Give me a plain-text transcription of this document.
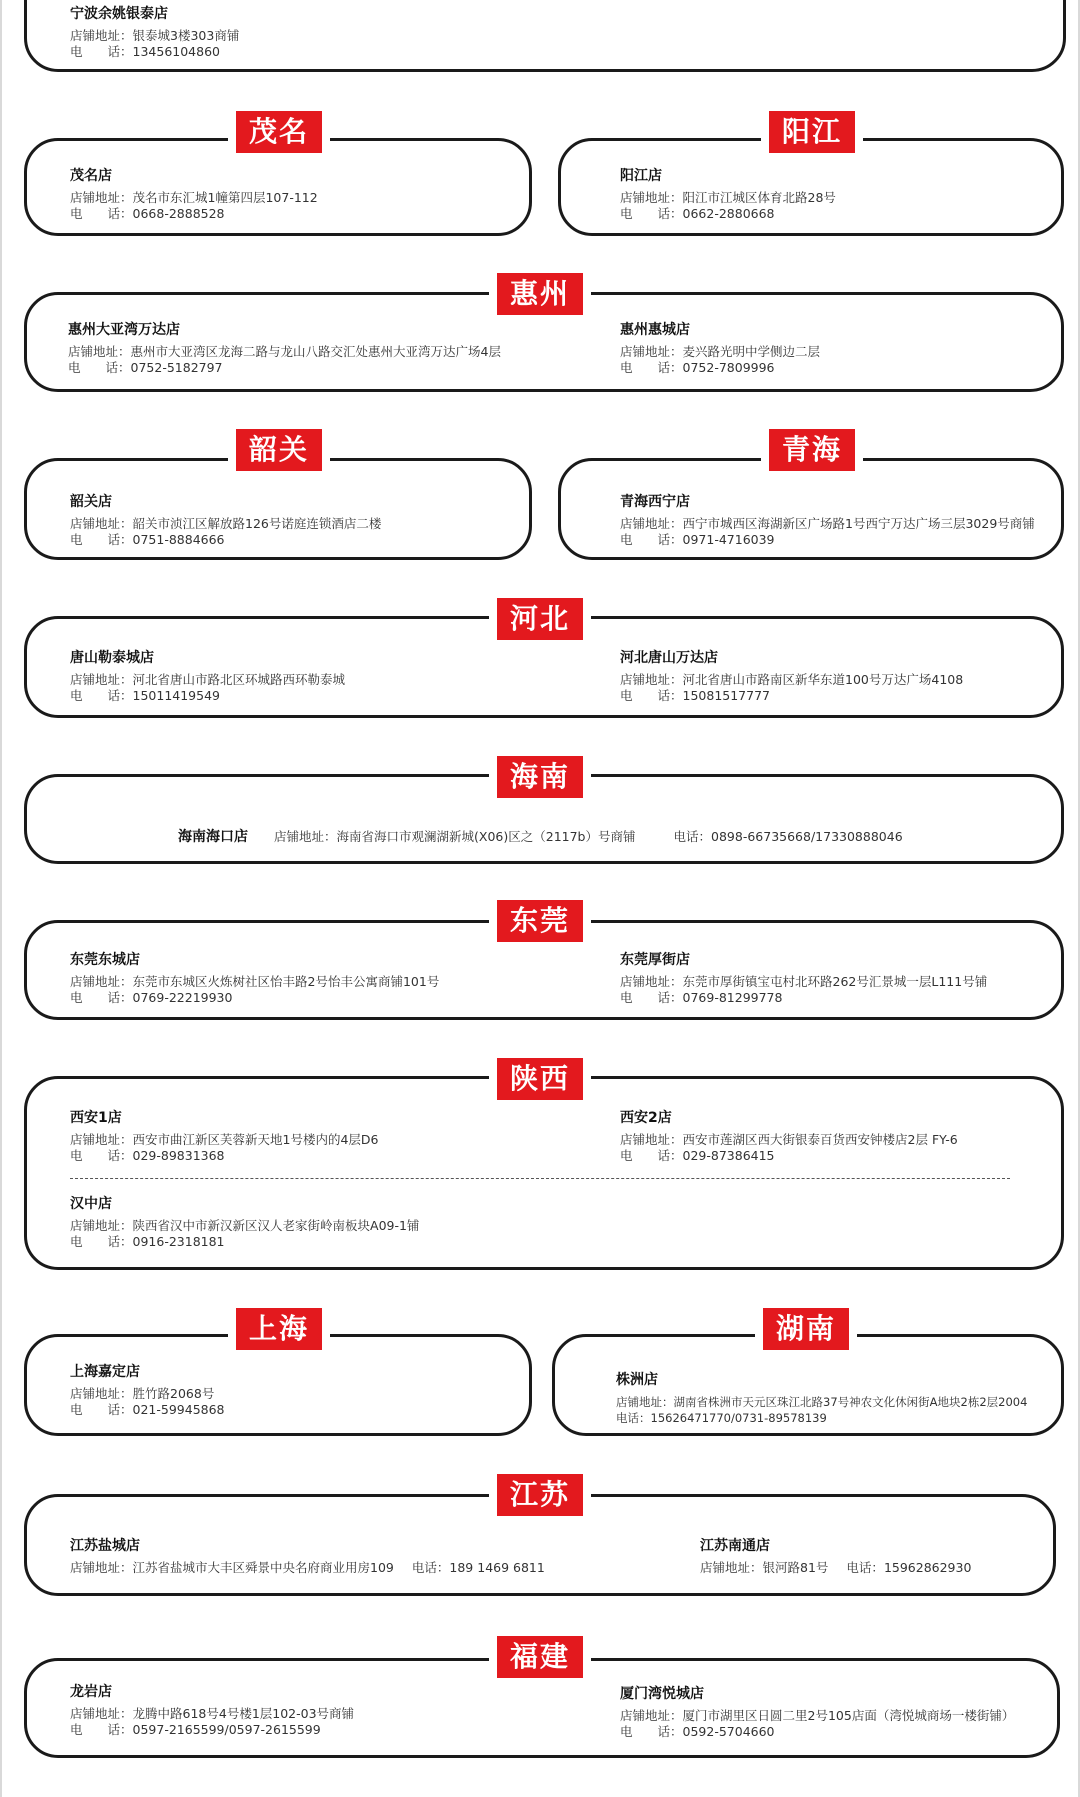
宁波余姚银泰店
店铺地址：银泰城3楼303商铺
电　　话：13456104860
茂名
茂名店
店铺地址：茂名市东汇城1幢第四层107-112
电　　话：0668-2888528
阳江
阳江店
店铺地址：阳江市江城区体育北路28号
电　　话：0662-2880668
惠州
惠州大亚湾万达店
店铺地址：惠州市大亚湾区龙海二路与龙山八路交汇处惠州大亚湾万达广场4层
电　　话：0752-5182797
惠州惠城店
店铺地址：麦兴路光明中学侧边二层
电　　话：0752-7809996
韶关
韶关店
店铺地址：韶关市浈江区解放路126号诺庭连锁酒店二楼
电　　话：0751-8884666
青海
青海西宁店
店铺地址：西宁市城西区海湖新区广场路1号西宁万达广场三层3029号商铺
电　　话：0971-4716039
河北
唐山勒泰城店
店铺地址：河北省唐山市路北区环城路西环勒泰城
电　　话：15011419549
河北唐山万达店
店铺地址：河北省唐山市路南区新华东道100号万达广场4108
电　　话：15081517777
海南
海南海口店 店铺地址：海南省海口市观澜湖新城(X06)区之（2117b）号商铺	电话：0898-66735668/17330888046
东莞
东莞东城店
店铺地址：东莞市东城区火炼树社区怡丰路2号怡丰公寓商铺101号
电　　话：0769-22219930
东莞厚街店
店铺地址：东莞市厚街镇宝屯村北环路262号汇景城一层L111号铺
电　　话：0769-81299778
陕西
西安1店
店铺地址：西安市曲江新区芙蓉新天地1号楼内的4层D6
电　　话：029-89831368
西安2店
店铺地址：西安市莲湖区西大街银泰百货西安钟楼店2层 FY-6
电　　话：029-87386415
汉中店
店铺地址：陕西省汉中市新汉新区汉人老家街岭南板块A09-1铺
电　　话：0916-2318181
上海
上海嘉定店
店铺地址：胜竹路2068号
电　　话：021-59945868
湖南
株洲店
店铺地址：湖南省株洲市天元区珠江北路37号神农文化休闲街A地块2栋2层2004
电话：15626471770/0731-89578139
江苏
江苏盐城店
店铺地址：江苏省盐城市大丰区舜景中央名府商业用房109 电话：189 1469 6811
江苏南通店
店铺地址：银河路81号 电话：15962862930
福建
龙岩店
店铺地址：龙腾中路618号4号楼1层102-03号商铺
电　　话：0597-2165599/0597-2615599
厦门湾悦城店
店铺地址：厦门市湖里区日圆二里2号105店面（湾悦城商场一楼街铺）
电　　话：0592-5704660
